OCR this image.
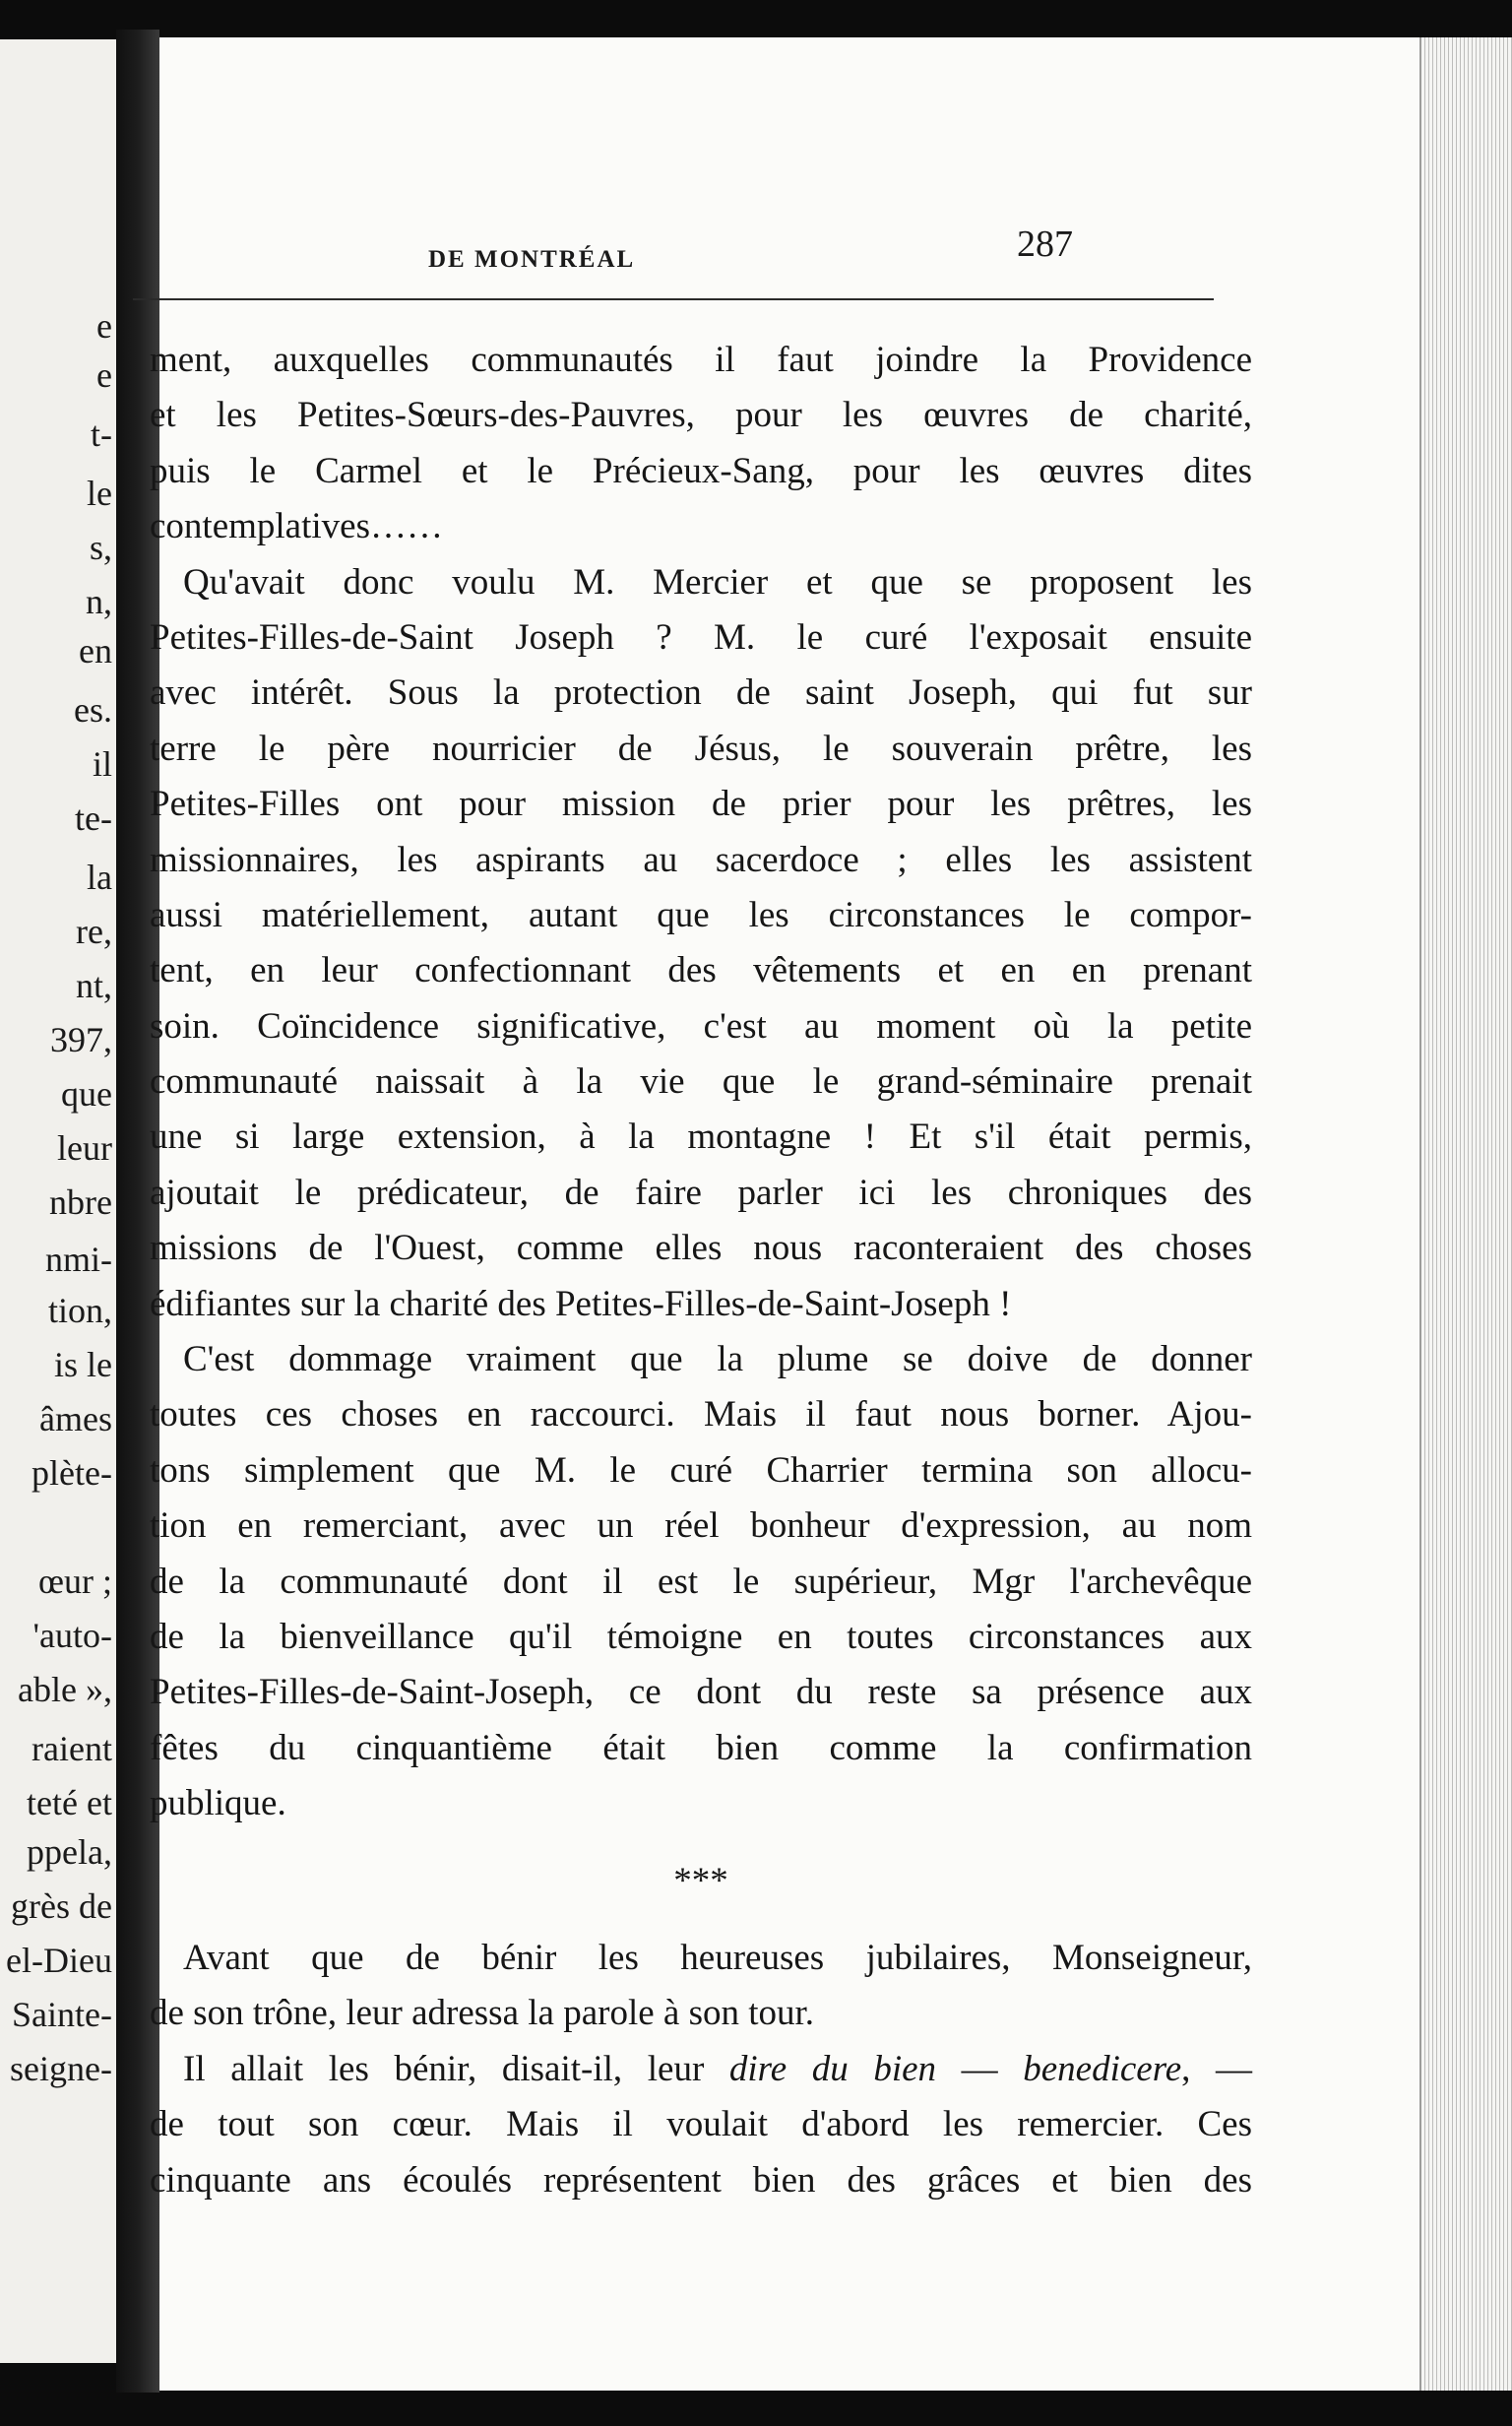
e
e
t-
le
s,
n,
en
es.
il
te-
la
re,
nt,
397,
que
leur
nbre
nmi-
tion,
is le
âmes
plète-
œur ;
'auto-
able »,
raient
teté et
ppela,
grès de
el-Dieu
Sainte-
seigne-
DE MONTRÉAL	287
ment, auxquelles communautés il faut joindre la Providence
et les Petites-Sœurs-des-Pauvres, pour les œuvres de charité,
puis le Carmel et le Précieux-Sang, pour les œuvres dites
contemplatives……
Qu'avait donc voulu M. Mercier et que se proposent les
Petites-Filles-de-Saint Joseph ? M. le curé l'exposait ensuite
avec intérêt. Sous la protection de saint Joseph, qui fut sur
terre le père nourricier de Jésus, le souverain prêtre, les
Petites-Filles ont pour mission de prier pour les prêtres, les
missionnaires, les aspirants au sacerdoce ; elles les assistent
aussi matériellement, autant que les circonstances le compor-
tent, en leur confectionnant des vêtements et en en prenant
soin. Coïncidence significative, c'est au moment où la petite
communauté naissait à la vie que le grand-séminaire prenait
une si large extension, à la montagne ! Et s'il était permis,
ajoutait le prédicateur, de faire parler ici les chroniques des
missions de l'Ouest, comme elles nous raconteraient des choses
édifiantes sur la charité des Petites-Filles-de-Saint-Joseph !
C'est dommage vraiment que la plume se doive de donner
toutes ces choses en raccourci. Mais il faut nous borner. Ajou-
tons simplement que M. le curé Charrier termina son allocu-
tion en remerciant, avec un réel bonheur d'expression, au nom
de la communauté dont il est le supérieur, Mgr l'archevêque
de la bienveillance qu'il témoigne en toutes circonstances aux
Petites-Filles-de-Saint-Joseph, ce dont du reste sa présence aux
fêtes du cinquantième était bien comme la confirmation
publique.
***
Avant que de bénir les heureuses jubilaires, Monseigneur,
de son trône, leur adressa la parole à son tour.
Il allait les bénir, disait-il, leur dire du bien — benedicere, —
de tout son cœur. Mais il voulait d'abord les remercier. Ces
cinquante ans écoulés représentent bien des grâces et bien des
